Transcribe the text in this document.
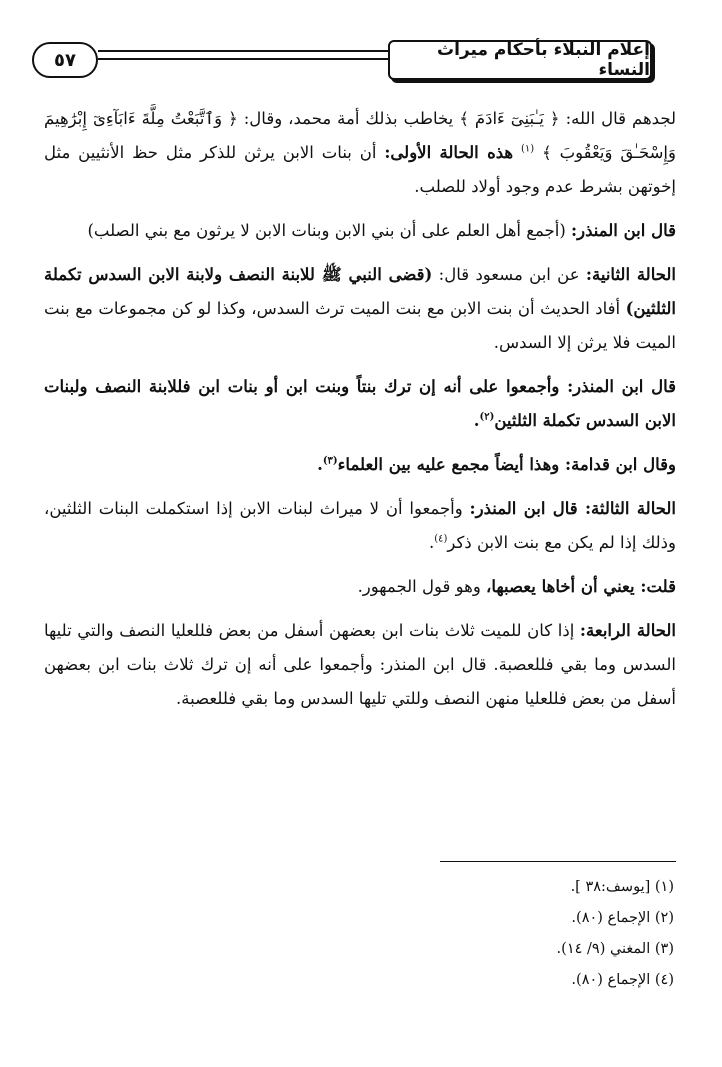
إعلام النبلاء بأحكام ميراث النساء
٥٧

لجدهم قال الله: ﴿ يَـٰبَنِىٓ ءَادَمَ ﴾ يخاطب بذلك أمة محمد، وقال: ﴿ وَٱتَّبَعْتُ مِلَّةَ ءَابَآءِىٓ إِبْرَٰهِيمَ وَإِسْحَـٰقَ وَيَعْقُوبَ ﴾ $^{(١)}$ هذه الحالة الأولى: أن بنات الابن يرثن للذكر مثل حظ الأنثيين مثل إخوتهن بشرط عدم وجود أولاد للصلب.

قال ابن المنذر: (أجمع أهل العلم على أن بني الابن وبنات الابن لا يرثون مع بني الصلب)

الحالة الثانية: عن ابن مسعود قال: (قضى النبي ﷺ للابنة النصف ولابنة الابن السدس تكملة الثلثين) أفاد الحديث أن بنت الابن مع بنت الميت ترث السدس، وكذا لو كن مجموعات مع بنت الميت فلا يرثن إلا السدس.

قال ابن المنذر: وأجمعوا على أنه إن ترك بنتاً وبنت ابن أو بنات ابن فللابنة النصف ولبنات الابن السدس تكملة الثلثين$^{(٢)}$.

وقال ابن قدامة: وهذا أيضاً مجمع عليه بين العلماء$^{(٣)}$.

الحالة الثالثة: قال ابن المنذر: وأجمعوا أن لا ميراث لبنات الابن إذا استكملت البنات الثلثين، وذلك إذا لم يكن مع بنت الابن ذكر$^{(٤)}$.

قلت: يعني أن أخاها يعصبها، وهو قول الجمهور.

الحالة الرابعة: إذا كان للميت ثلاث بنات ابن بعضهن أسفل من بعض فللعليا النصف والتي تليها السدس وما بقي فللعصبة. قال ابن المنذر: وأجمعوا على أنه إن ترك ثلاث بنات ابن بعضهن أسفل من بعض فللعليا منهن النصف وللتي تليها السدس وما بقي فللعصبة.

(١) [يوسف:٣٨ ].
(٢) الإجماع (٨٠).
(٣) المغني (٩/ ١٤).
(٤) الإجماع (٨٠).
